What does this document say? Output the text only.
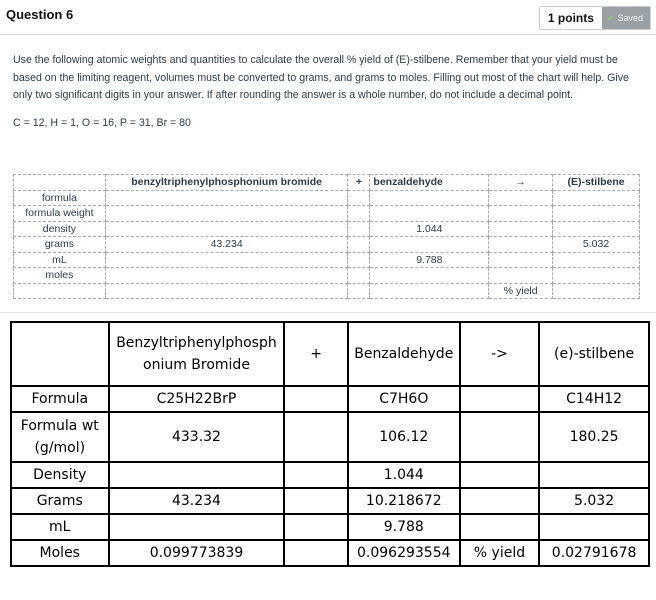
Question 6	1 points	✔ Saved

Use the following atomic weights and quantities to calculate the overall % yield of (E)-stilbene. Remember that your yield must be based on the limiting reagent, volumes must be converted to grams, and grams to moles. Filling out most of the chart will help. Give only two significant digits in your answer. If after rounding the answer is a whole number, do not include a decimal point.

C = 12, H = 1, O = 16, P = 31, Br = 80

	benzyltriphenylphosphonium bromide	+	benzaldehyde	→	(E)-stilbene
formula					
formula weight					
density			1.044		
grams	43.234				5.032
mL			9.788		
moles					
				% yield	
	Benzyltriphenylphosph onium Bromide	+	Benzaldehyde	->	(e)-stilbene
Formula	C25H22BrP		C7H6O		C14H12
Formula wt (g/mol)	433.32		106.12		180.25
Density			1.044		
Grams	43.234		10.218672		5.032
mL			9.788		
Moles	0.099773839		0.096293554	% yield	0.02791678
